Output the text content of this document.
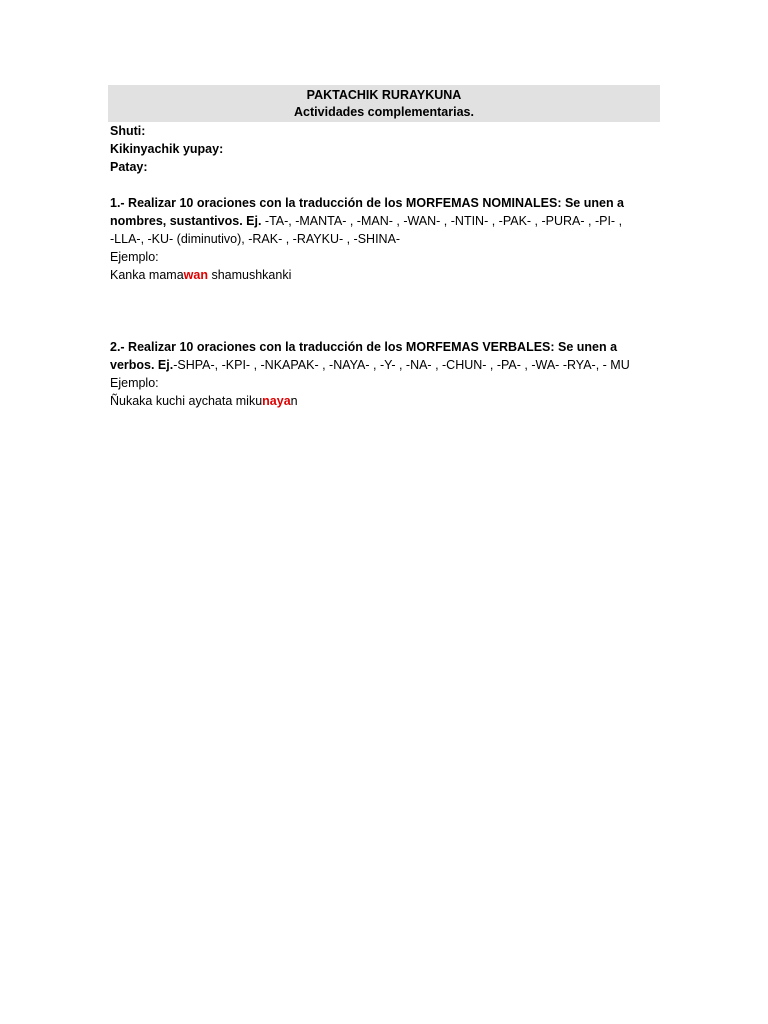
PAKTACHIK RURAYKUNA
Actividades complementarias.
Shuti:
Kikinyachik yupay:
Patay:
1.- Realizar 10 oraciones con la traducción de los MORFEMAS NOMINALES: Se unen a
nombres, sustantivos. Ej. -TA-, -MANTA- , -MAN- , -WAN- , -NTIN- , -PAK- , -PURA- , -PI- ,
-LLA-, -KU- (diminutivo), -RAK- , -RAYKU- , -SHINA-
Ejemplo:
Kanka mamawan shamushkanki
2.- Realizar 10 oraciones con la traducción de los MORFEMAS VERBALES: Se unen a
verbos. Ej.-SHPA-, -KPI- , -NKAPAK- , -NAYA- , -Y- , -NA- , -CHUN- , -PA- , -WA- -RYA-, - MU
Ejemplo:
Ñukaka kuchi aychata mikunayan
